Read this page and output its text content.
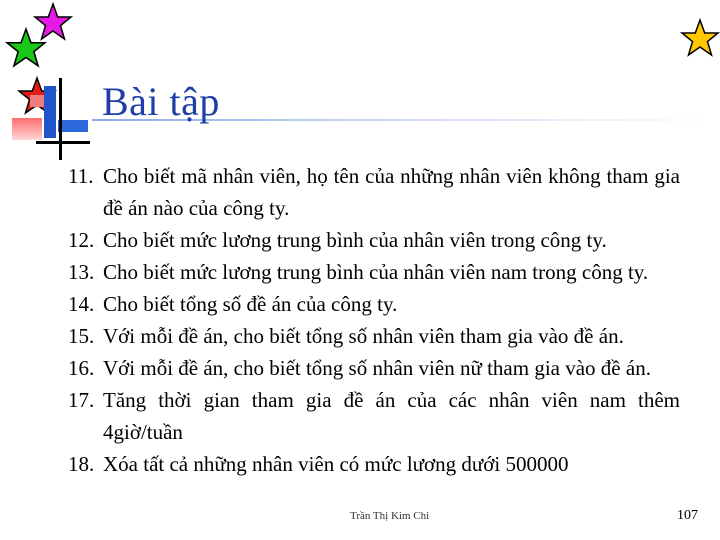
Bài tập
11. Cho biết mã nhân viên, họ tên của những nhân viên không tham gia đề án nào của công ty.
12. Cho biết mức lương trung bình của nhân viên trong công ty.
13. Cho biết mức lương trung bình của nhân viên nam trong công ty.
14. Cho biết tổng số đề án của công ty.
15. Với mỗi đề án, cho biết tổng số nhân viên tham gia vào đề án.
16. Với mỗi đề án, cho biết tổng số nhân viên nữ tham gia vào đề án.
17. Tăng thời gian tham gia đề án của các nhân viên nam thêm 4giờ/tuần
18. Xóa tất cả những nhân viên có mức lương dưới 500000
Trần Thị Kim Chi	107
